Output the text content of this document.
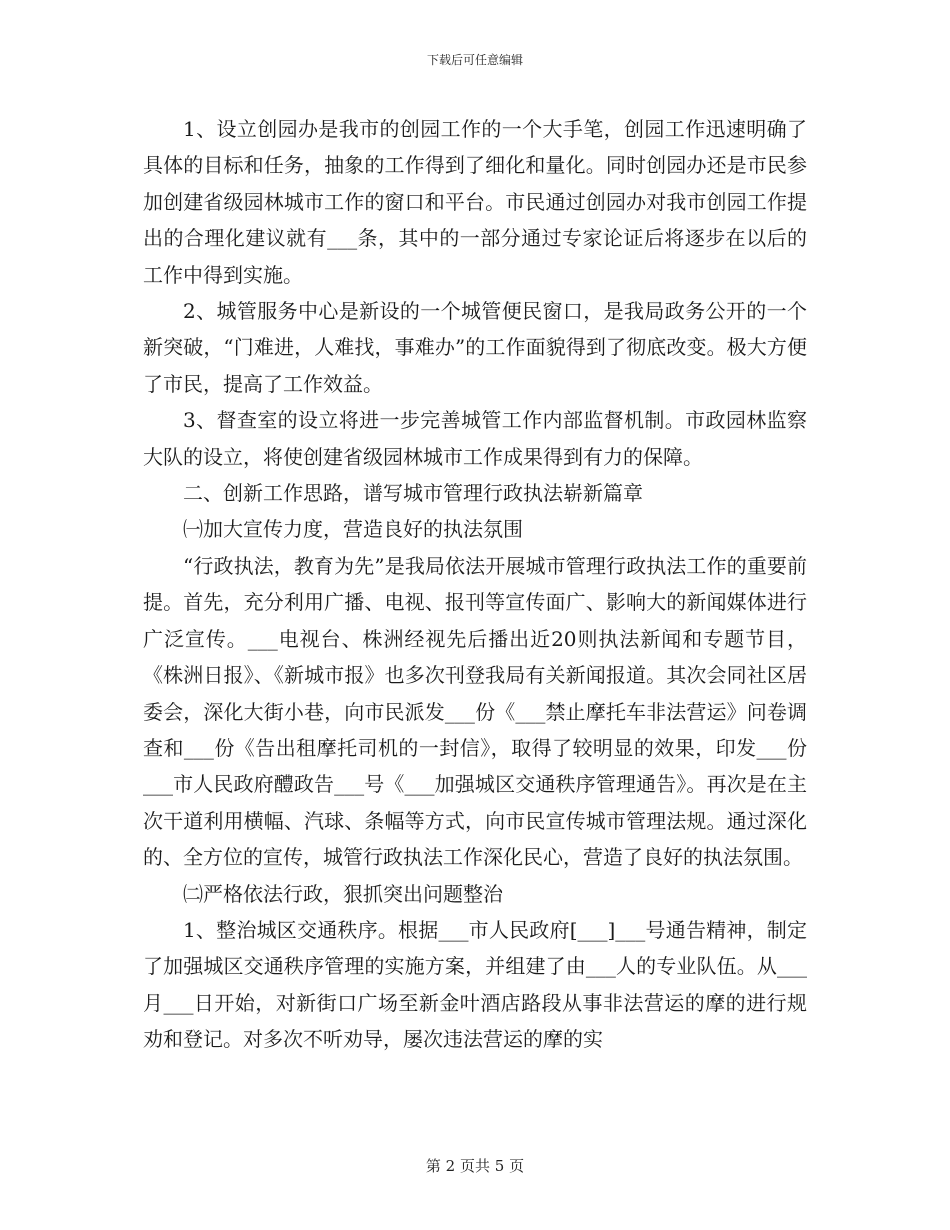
下载后可任意编辑

1、设立创园办是我市的创园工作的一个大手笔，创园工作迅速明确了具体的目标和任务，抽象的工作得到了细化和量化。同时创园办还是市民参加创建省级园林城市工作的窗口和平台。市民通过创园办对我市创园工作提出的合理化建议就有___条，其中的一部分通过专家论证后将逐步在以后的工作中得到实施。

2、城管服务中心是新设的一个城管便民窗口，是我局政务公开的一个新突破，“门难进，人难找，事难办”的工作面貌得到了彻底改变。极大方便了市民，提高了工作效益。

3、督查室的设立将进一步完善城管工作内部监督机制。市政园林监察大队的设立，将使创建省级园林城市工作成果得到有力的保障。

二、创新工作思路，谱写城市管理行政执法崭新篇章

㈠加大宣传力度，营造良好的执法氛围

“行政执法，教育为先”是我局依法开展城市管理行政执法工作的重要前提。首先，充分利用广播、电视、报刊等宣传面广、影响大的新闻媒体进行广泛宣传。___电视台、株洲经视先后播出近20则执法新闻和专题节目，《株洲日报》、《新城市报》也多次刊登我局有关新闻报道。其次会同社区居委会，深化大街小巷，向市民派发___份《___禁止摩托车非法营运》问卷调查和___份《告出租摩托司机的一封信》，取得了较明显的效果，印发___份___市人民政府醴政告___号《___加强城区交通秩序管理通告》。再次是在主次干道利用横幅、汽球、条幅等方式，向市民宣传城市管理法规。通过深化的、全方位的宣传，城管行政执法工作深化民心，营造了良好的执法氛围。

㈡严格依法行政，狠抓突出问题整治

1、整治城区交通秩序。根据___市人民政府[___]___号通告精神，制定了加强城区交通秩序管理的实施方案，并组建了由___人的专业队伍。从___月___日开始，对新街口广场至新金叶酒店路段从事非法营运的摩的进行规劝和登记。对多次不听劝导，屡次违法营运的摩的实

第 2 页共 5 页
